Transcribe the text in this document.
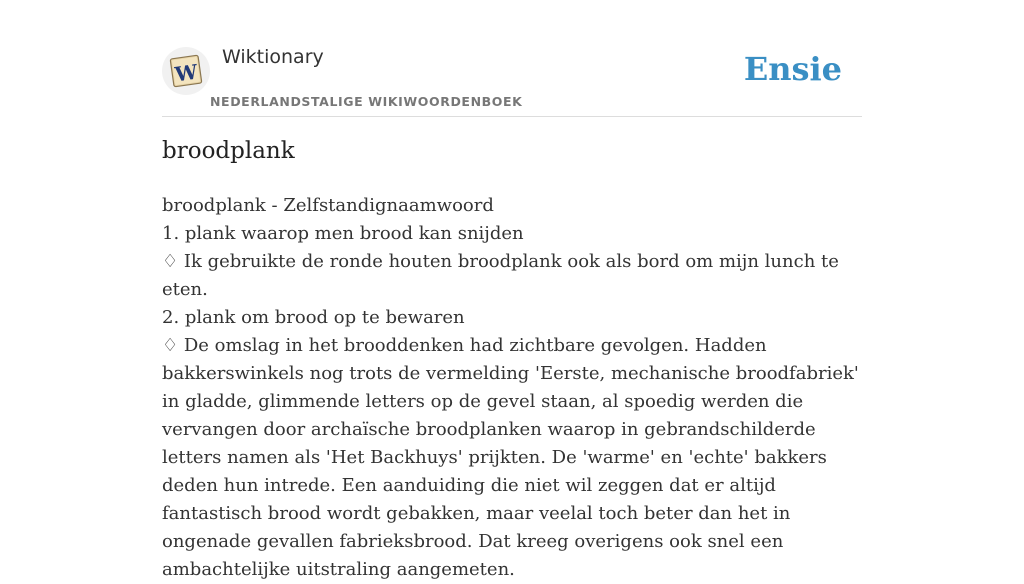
W
Wiktionary
NEDERLANDSTALIGE WIKIWOORDENBOEK
Ensie
broodplank

broodplank - Zelfstandignaamwoord

1. plank waarop men brood kan snijden

♢ Ik gebruikte de ronde houten broodplank ook als bord om mijn lunch te eten.

2. plank om brood op te bewaren

♢ De omslag in het brooddenken had zichtbare gevolgen. Hadden bakkerswinkels nog trots de vermelding 'Eerste, mechanische broodfabriek' in gladde, glimmende letters op de gevel staan, al spoedig werden die vervangen door archaïsche broodplanken waarop in gebrandschilderde letters namen als 'Het Backhuys' prijkten. De 'warme' en 'echte' bakkers deden hun intrede. Een aanduiding die niet wil zeggen dat er altijd fantastisch brood wordt gebakken, maar veelal toch beter dan het in ongenade gevallen fabrieksbrood. Dat kreeg overigens ook snel een ambachtelijke uitstraling aangemeten.
